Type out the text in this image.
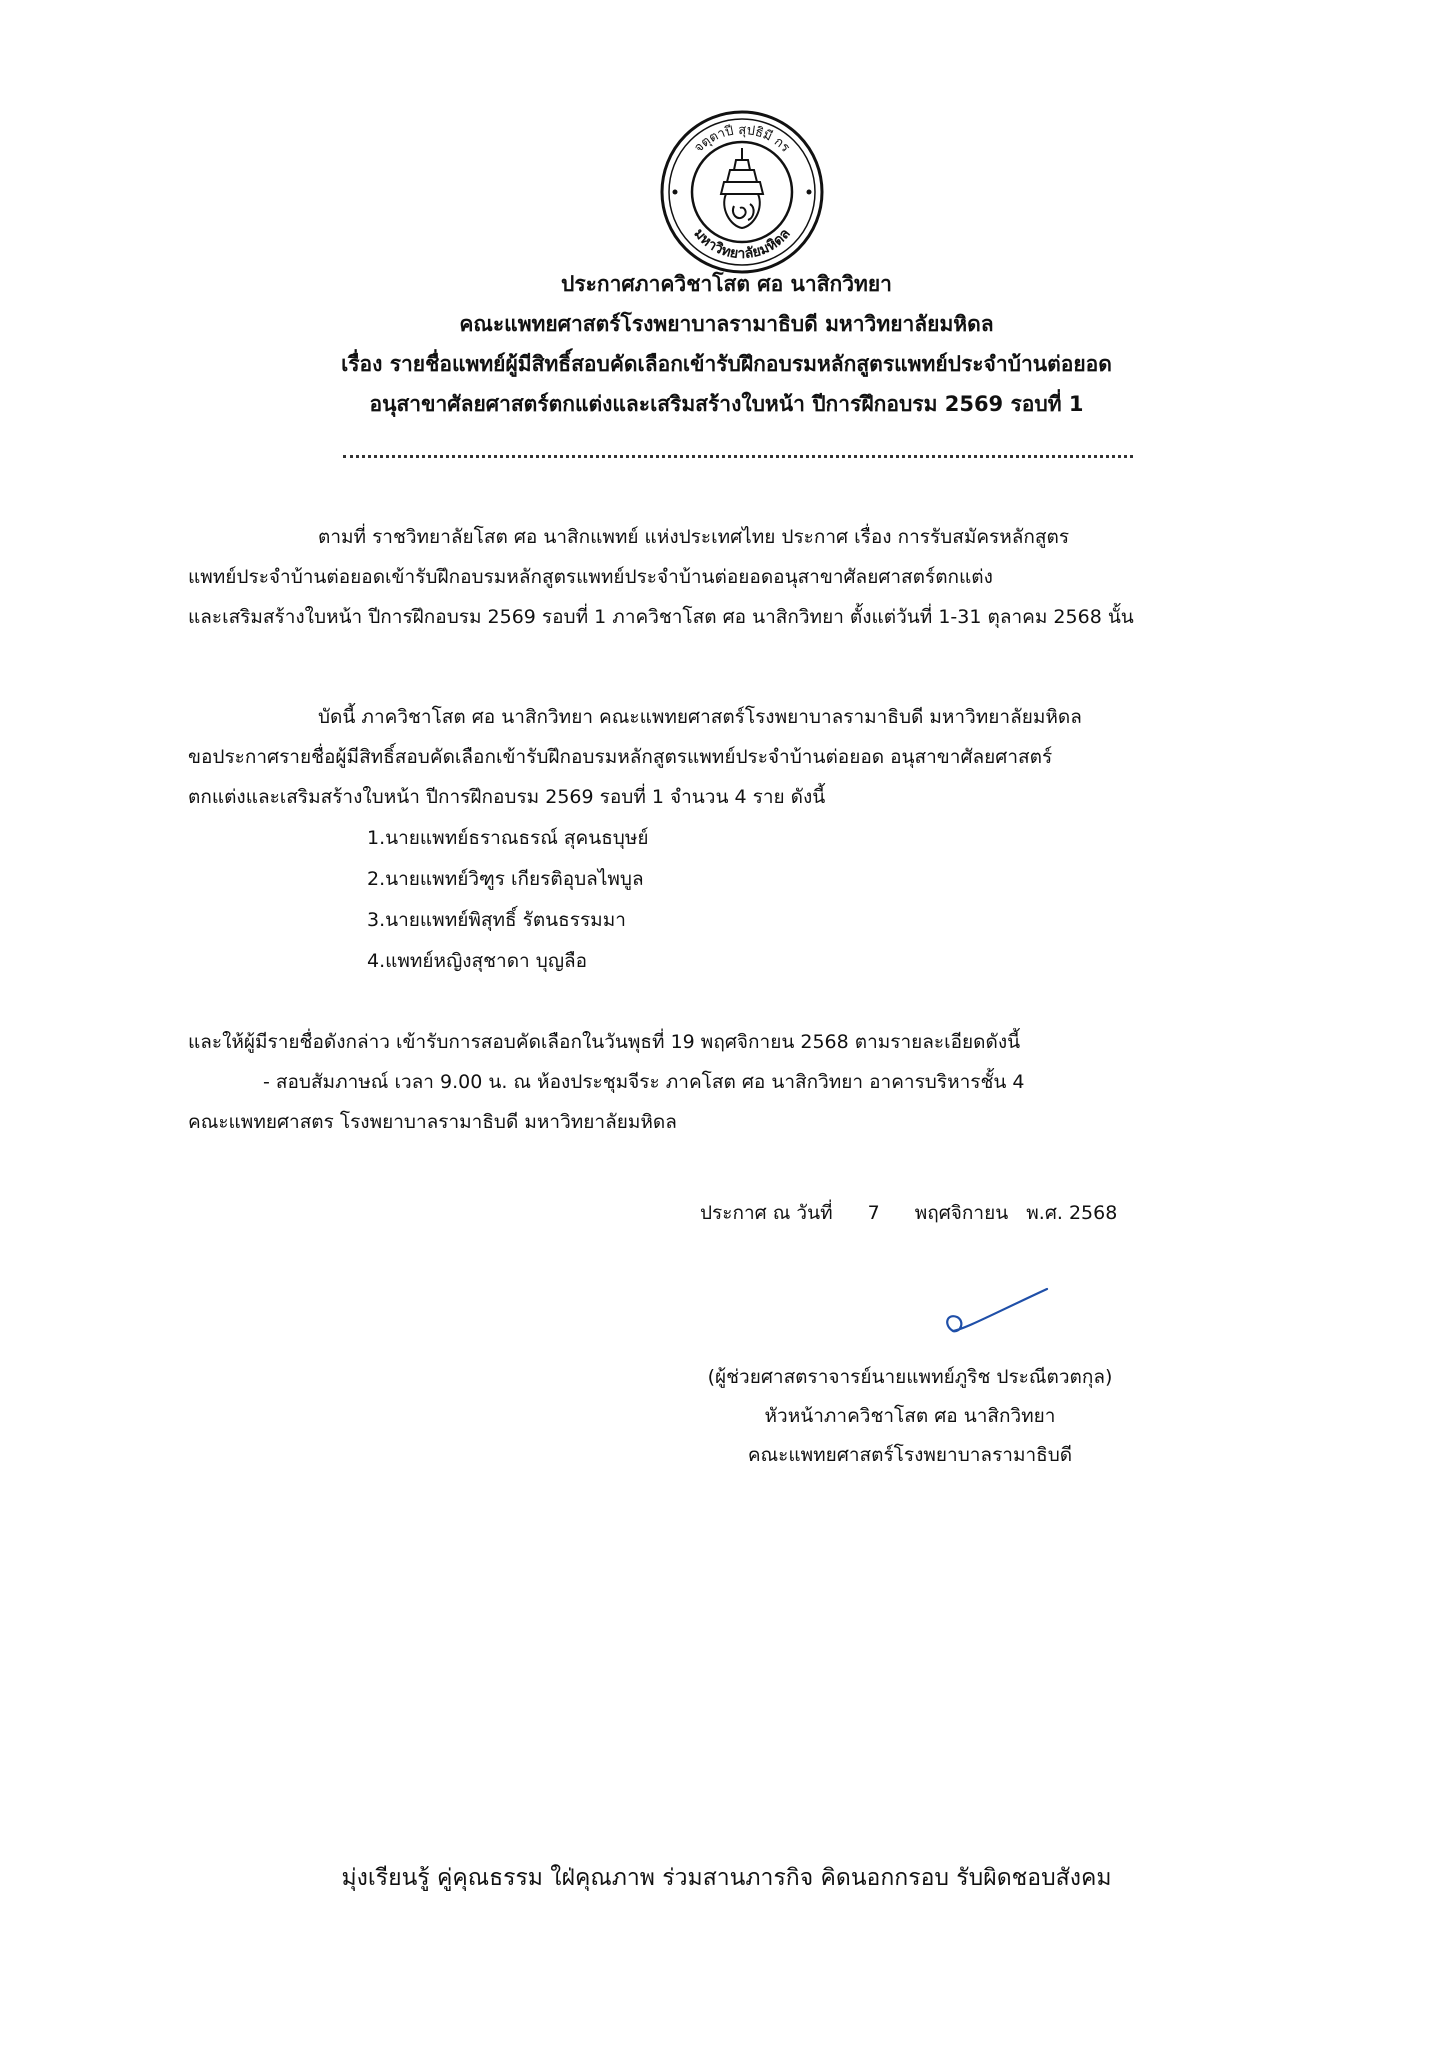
จตุตาปี สุปธิมี กร
มหาวิทยาลัยมหิดล
ประกาศภาควิชาโสต ศอ นาสิกวิทยา
คณะแพทยศาสตร์โรงพยาบาลรามาธิบดี มหาวิทยาลัยมหิดล
เรื่อง รายชื่อแพทย์ผู้มีสิทธิ์สอบคัดเลือกเข้ารับฝึกอบรมหลักสูตรแพทย์ประจำบ้านต่อยอด
อนุสาขาศัลยศาสตร์ตกแต่งและเสริมสร้างใบหน้า ปีการฝึกอบรม 2569 รอบที่ 1
ตามที่ ราชวิทยาลัยโสต ศอ นาสิกแพทย์ แห่งประเทศไทย ประกาศ เรื่อง การรับสมัครหลักสูตร
แพทย์ประจำบ้านต่อยอดเข้ารับฝึกอบรมหลักสูตรแพทย์ประจำบ้านต่อยอดอนุสาขาศัลยศาสตร์ตกแต่ง
และเสริมสร้างใบหน้า ปีการฝึกอบรม 2569 รอบที่ 1 ภาควิชาโสต ศอ นาสิกวิทยา ตั้งแต่วันที่ 1-31 ตุลาคม 2568 นั้น
บัดนี้ ภาควิชาโสต ศอ นาสิกวิทยา คณะแพทยศาสตร์โรงพยาบาลรามาธิบดี มหาวิทยาลัยมหิดล
ขอประกาศรายชื่อผู้มีสิทธิ์สอบคัดเลือกเข้ารับฝึกอบรมหลักสูตรแพทย์ประจำบ้านต่อยอด อนุสาขาศัลยศาสตร์
ตกแต่งและเสริมสร้างใบหน้า ปีการฝึกอบรม 2569 รอบที่ 1 จำนวน 4 ราย ดังนี้
1.นายแพทย์ธราณธรณ์ สุคนธบุษย์
2.นายแพทย์วิฑูร เกียรติอุบลไพบูล
3.นายแพทย์พิสุทธิ์ รัตนธรรมมา
4.แพทย์หญิงสุชาดา บุญลือ
และให้ผู้มีรายชื่อดังกล่าว เข้ารับการสอบคัดเลือกในวันพุธที่ 19 พฤศจิกายน 2568 ตามรายละเอียดดังนี้
- สอบสัมภาษณ์ เวลา 9.00 น. ณ ห้องประชุมจีระ ภาคโสต ศอ นาสิกวิทยา อาคารบริหารชั้น 4
คณะแพทยศาสตร โรงพยาบาลรามาธิบดี มหาวิทยาลัยมหิดล
ประกาศ ณ วันที่ 7 พฤศจิกายน พ.ศ. 2568
(ผู้ช่วยศาสตราจารย์นายแพทย์ภูริช ประณีตวตกุล)
หัวหน้าภาควิชาโสต ศอ นาสิกวิทยา
คณะแพทยศาสตร์โรงพยาบาลรามาธิบดี
มุ่งเรียนรู้ คู่คุณธรรม ใฝ่คุณภาพ ร่วมสานภารกิจ คิดนอกกรอบ รับผิดชอบสังคม
